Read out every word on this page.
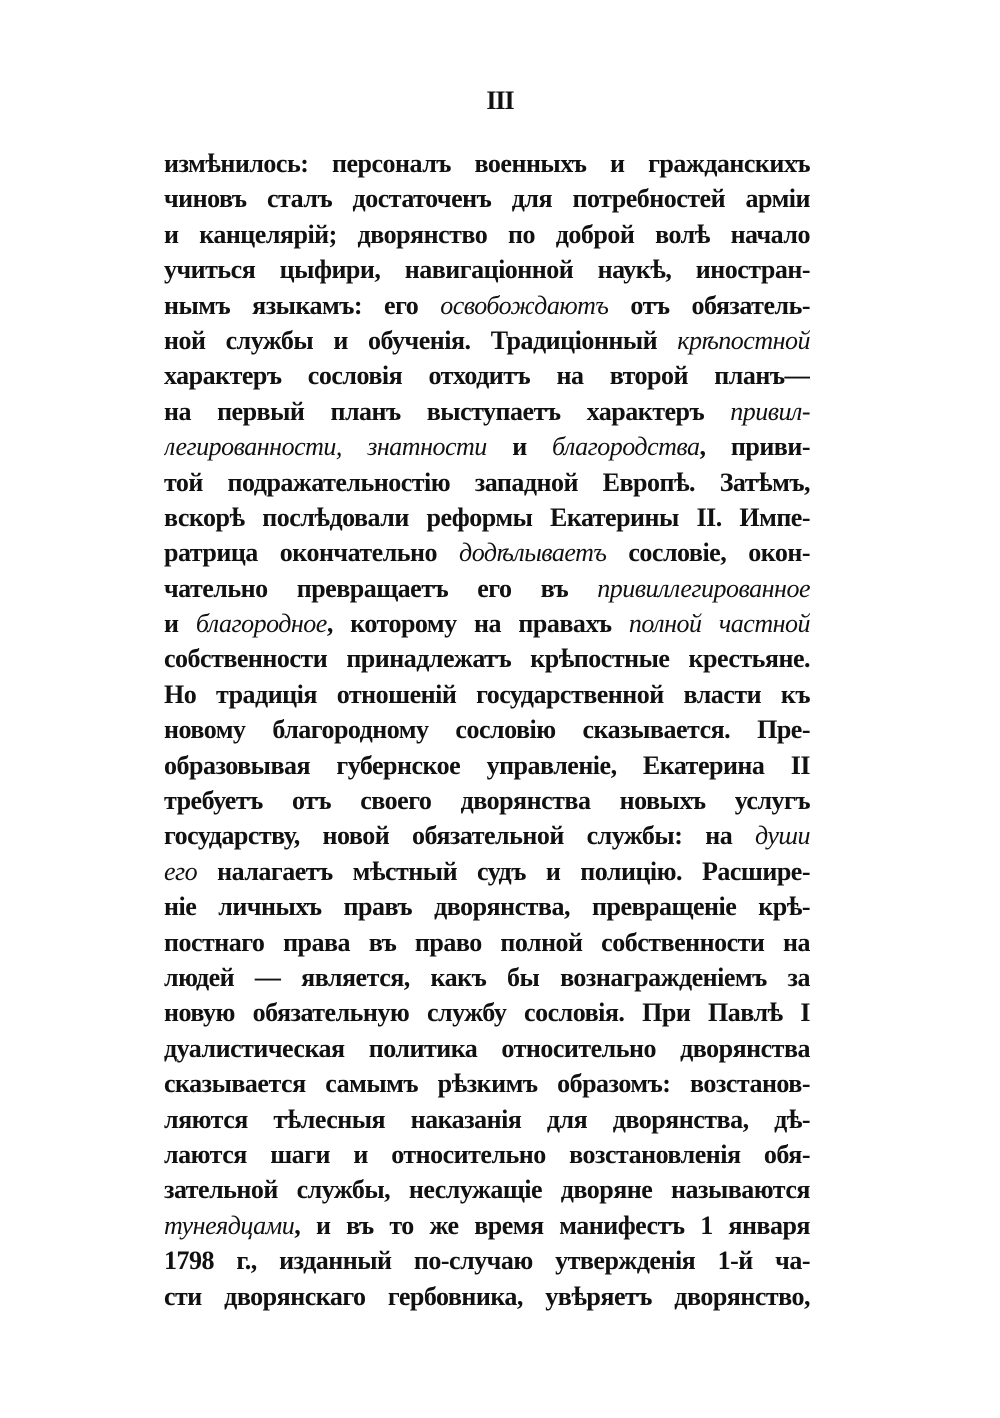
III
измѣнилось: персоналъ военныхъ и гражданскихъ
чиновъ сталъ достаточенъ для потребностей арміи
и канцелярій; дворянство по доброй волѣ начало
учиться цыфири, навигаціонной наукѣ, иностран-
нымъ языкамъ: его освобождаютъ отъ обязатель-
ной службы и обученія. Традиціонный крѣпостной
характеръ сословія отходитъ на второй планъ—
на первый планъ выступаетъ характеръ привил-
легированности, знатности и благородства, приви-
той подражательностію западной Европѣ. Затѣмъ,
вскорѣ послѣдовали реформы Екатерины II. Импе-
ратрица окончательно додѣлываетъ сословіе, окон-
чательно превращаетъ его въ привиллегированное
и благородное, которому на правахъ полной частной
собственности принадлежатъ крѣпостные крестьяне.
Но традиція отношеній государственной власти къ
новому благородному сословію сказывается. Пре-
образовывая губернское управленіе, Екатерина II
требуетъ отъ своего дворянства новыхъ услугъ
государству, новой обязательной службы: на души
его налагаетъ мѣстный судъ и полицію. Расшире-
ніе личныхъ правъ дворянства, превращеніе крѣ-
постнаго права въ право полной собственности на
людей — является, какъ бы вознагражденіемъ за
новую обязательную службу сословія. При Павлѣ I
дуалистическая политика относительно дворянства
сказывается самымъ рѣзкимъ образомъ: возстанов-
ляются тѣлесныя наказанія для дворянства, дѣ-
лаются шаги и относительно возстановленія обя-
зательной службы, неслужащіе дворяне называются
тунеядцами, и въ то же время манифестъ 1 января
1798 г., изданный по-случаю утвержденія 1-й ча-
сти дворянскаго гербовника, увѣряетъ дворянство,
